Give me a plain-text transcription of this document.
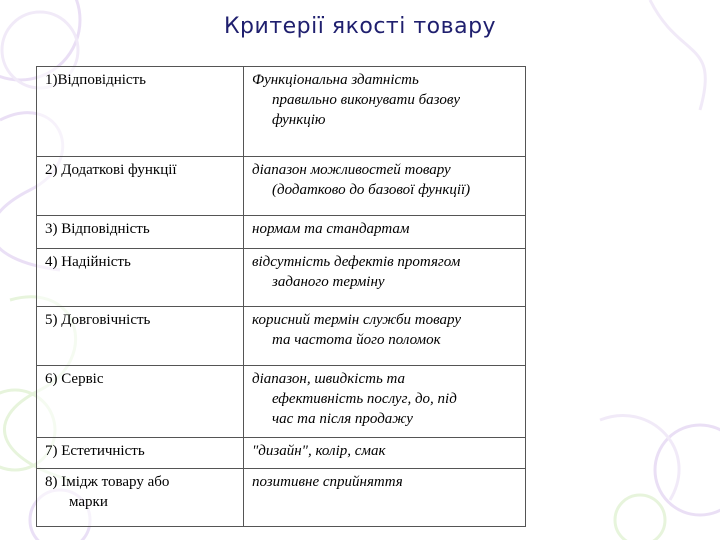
Критерії якості товару
1)Відповідність	Функціональна здатність
правильно виконувати базову
функцію

2) Додаткові функції	діапазон можливостей товару
(додатково до базової функції)

3) Відповідність	нормам та стандартам
4) Надійність	відсутність дефектів протягом
заданого терміну

5) Довговічність	корисний термін служби товару
та частота його поломок

6) Сервіс	діапазон, швидкість та
ефективність послуг, до, під
час та після продажу

7) Естетичність	"дизайн", колір, смак
8) Імідж товару або
марки	позитивне сприйняття
